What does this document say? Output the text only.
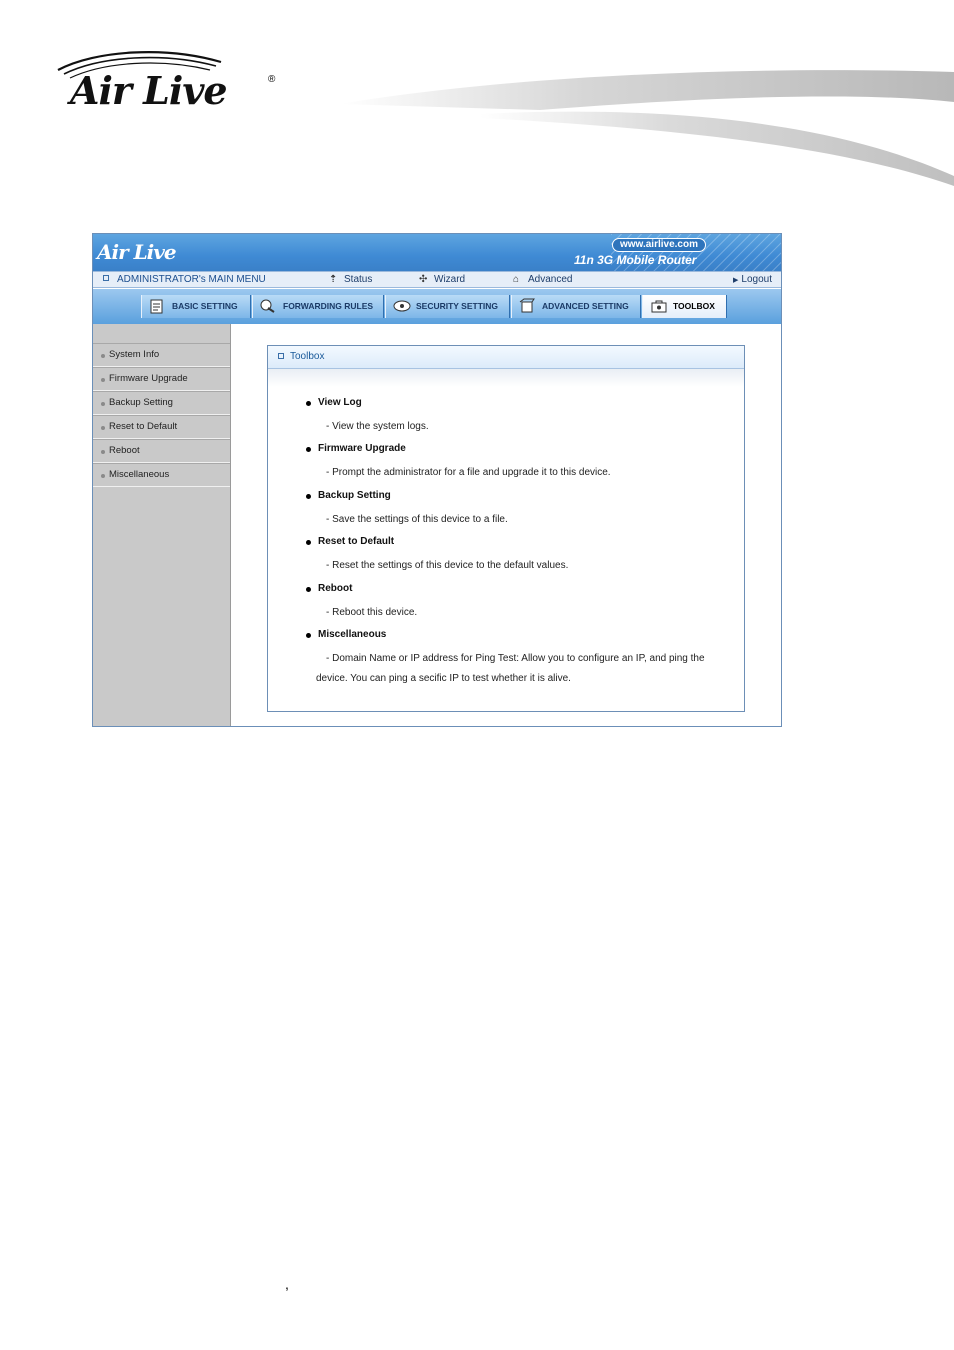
Air Live	®
Air Live	www.airlive.com
11n 3G Mobile Router
ADMINISTRATOR's MAIN MENU	⇡ Status	✣ Wizard	⌂ Advanced	▶ Logout
BASIC SETTING	FORWARDING RULES	SECURITY SETTING	ADVANCED SETTING	TOOLBOX
System Info
Firmware Upgrade
Backup Setting
Reset to Default
Reboot
Miscellaneous
Toolbox
View Log
- View the system logs.
Firmware Upgrade
- Prompt the administrator for a file and upgrade it to this device.
Backup Setting
- Save the settings of this device to a file.
Reset to Default
- Reset the settings of this device to the default values.
Reboot
- Reboot this device.
Miscellaneous
- Domain Name or IP address for Ping Test: Allow you to configure an IP, and ping the
device. You can ping a secific IP to test whether it is alive.
,
